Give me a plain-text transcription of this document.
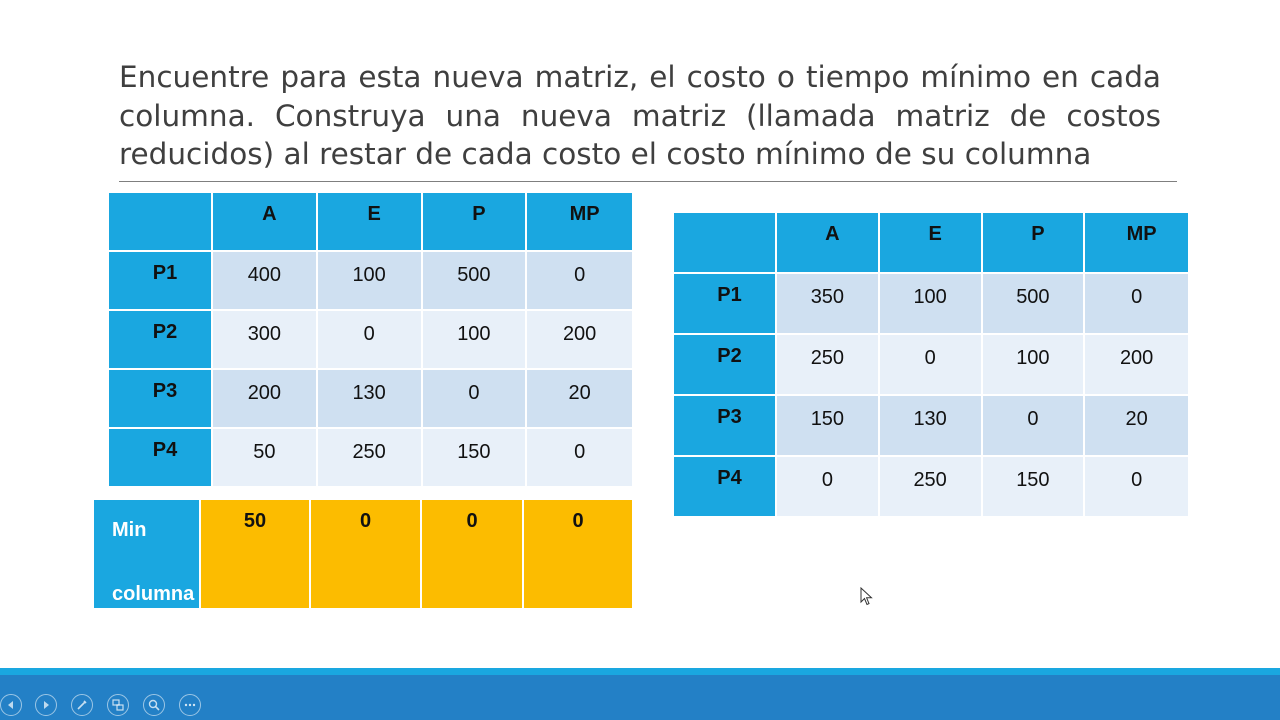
Encuentre para esta nueva matriz, el costo o tiempo mínimo en cada columna. Construya una nueva matriz (llamada matriz de costos reducidos) al restar de cada costo el costo mínimo de su columna

	A	E	P	MP

P1	400	100	500	0

P2	300	0	100	200

P3	200	130	0	20

P4	50	250	150	0
Min

columna

50	0	0	0

	A	E	P	MP

P1	350	100	500	0

P2	250	0	100	200

P3	150	130	0	20

P4	0	250	150	0
